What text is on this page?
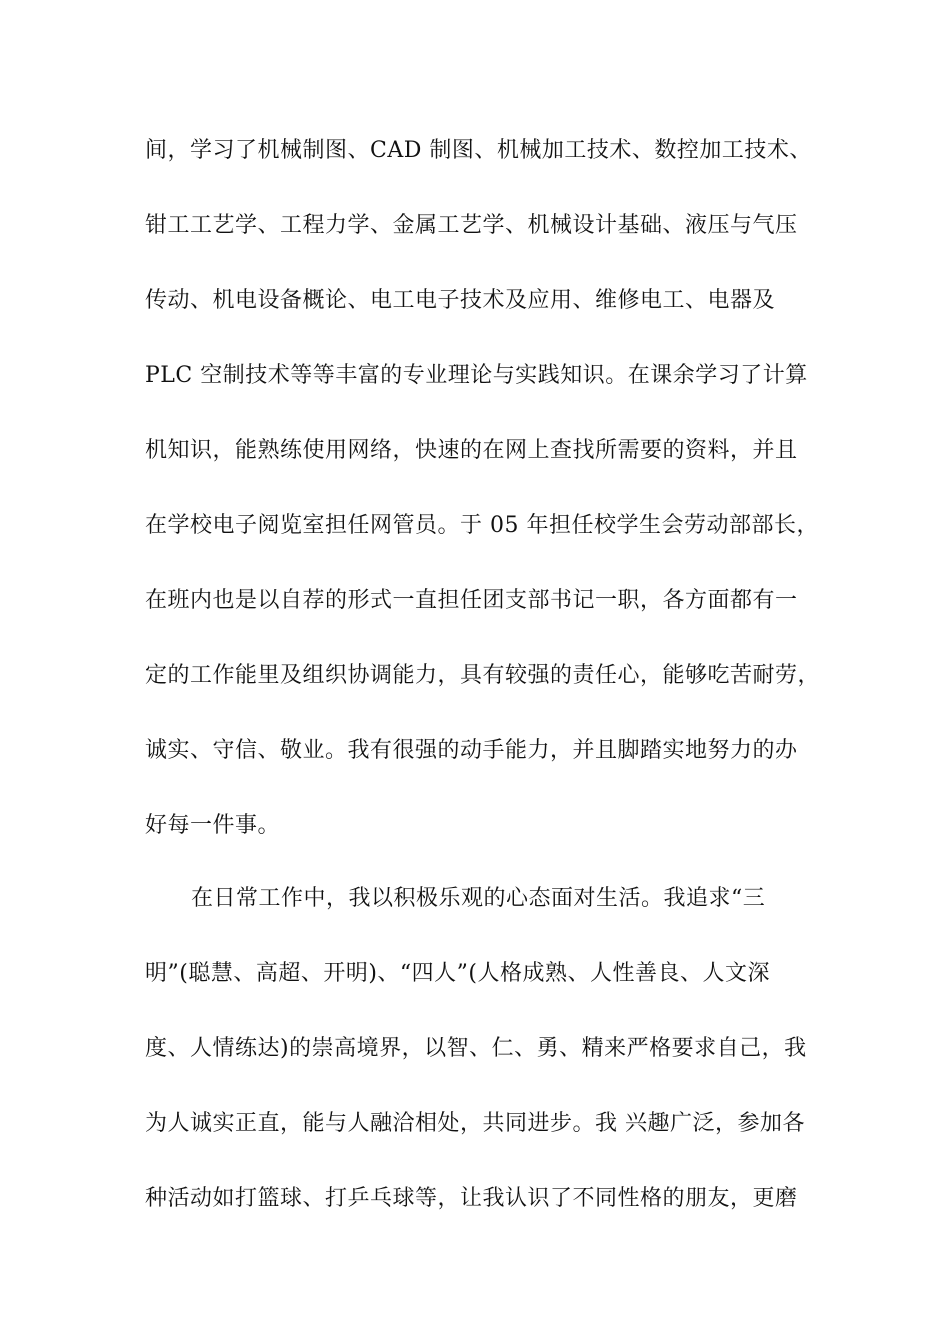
间，学习了机械制图、CAD 制图、机械加工技术、数控加工技术、
钳工工艺学、工程力学、金属工艺学、机械设计基础、液压与气压
传动、机电设备概论、电工电子技术及应用、维修电工、电器及
PLC 空制技术等等丰富的专业理论与实践知识。在课余学习了计算
机知识，能熟练使用网络，快速的在网上查找所需要的资料，并且
在学校电子阅览室担任网管员。于 05 年担任校学生会劳动部部长，
在班内也是以自荐的形式一直担任团支部书记一职，各方面都有一
定的工作能里及组织协调能力，具有较强的责任心，能够吃苦耐劳，
诚实、守信、敬业。我有很强的动手能力，并且脚踏实地努力的办
好每一件事。
在日常工作中，我以积极乐观的心态面对生活。我追求“三
明”(聪慧、高超、开明)、“四人”(人格成熟、人性善良、人文深
度、人情练达)的崇高境界，以智、仁、勇、精来严格要求自己，我
为人诚实正直，能与人融洽相处，共同进步。我 兴趣广泛，参加各
种活动如打篮球、打乒乓球等，让我认识了不同性格的朋友，更磨
